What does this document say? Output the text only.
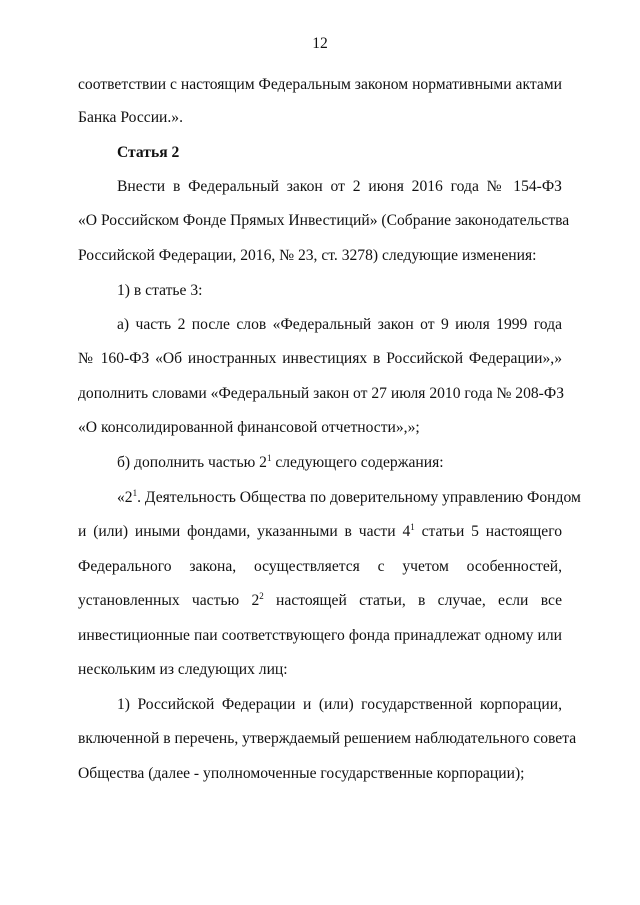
12
соответствии с настоящим Федеральным законом нормативными актами
Банка России.».
Статья 2
Внести в Федеральный закон от 2 июня 2016 года № 154-ФЗ
«О Российском Фонде Прямых Инвестиций» (Собрание законодательства
Российской Федерации, 2016, № 23, ст. 3278) следующие изменения:
1) в статье 3:
а) часть 2 после слов «Федеральный закон от 9 июля 1999 года
№ 160-ФЗ «Об иностранных инвестициях в Российской Федерации»,»
дополнить словами «Федеральный закон от 27 июля 2010 года № 208-ФЗ
«О консолидированной финансовой отчетности»,»;
б) дополнить частью $2^1$ следующего содержания:
«$2^1$. Деятельность Общества по доверительному управлению Фондом
и (или) иными фондами, указанными в части $4^1$ статьи 5 настоящего
Федерального закона, осуществляется с учетом особенностей,
установленных частью $2^2$ настоящей статьи, в случае, если все
инвестиционные паи соответствующего фонда принадлежат одному или
нескольким из следующих лиц:
1) Российской Федерации и (или) государственной корпорации,
включенной в перечень, утверждаемый решением наблюдательного совета
Общества (далее - уполномоченные государственные корпорации);
